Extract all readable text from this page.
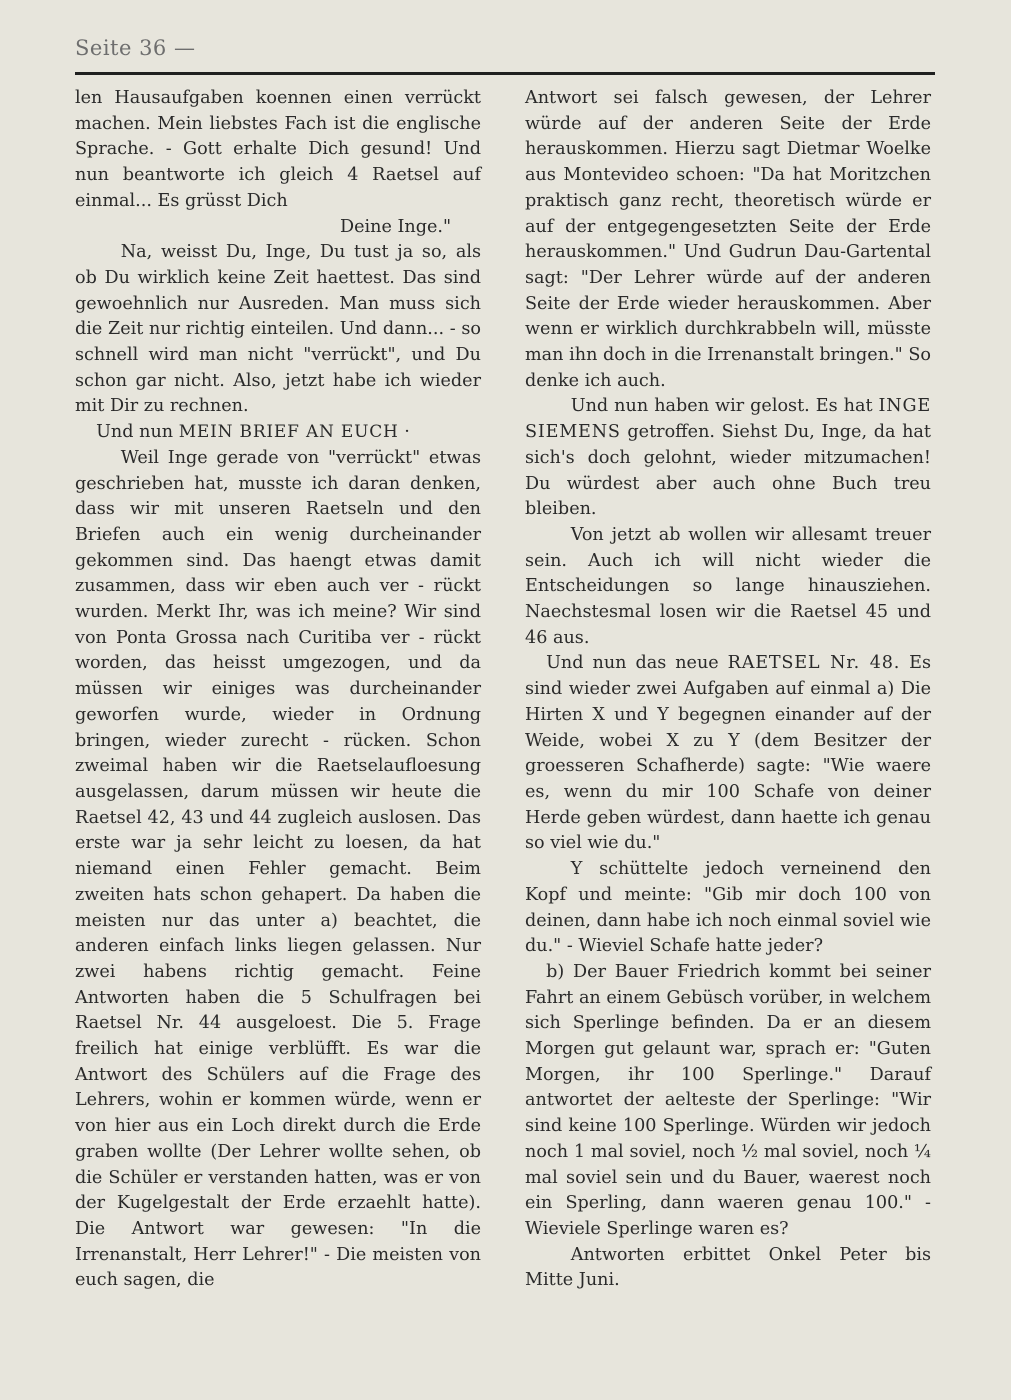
Seite 36 —

len Hausaufgaben koennen einen verrückt machen. Mein liebstes Fach ist die englische Sprache. - Gott erhalte Dich gesund! Und nun beantworte ich gleich 4 Raetsel auf einmal... Es grüsst Dich

Deine Inge."

Na, weisst Du, Inge, Du tust ja so, als ob Du wirklich keine Zeit haettest. Das sind gewoehnlich nur Ausreden. Man muss sich die Zeit nur richtig einteilen. Und dann... - so schnell wird man nicht "verrückt", und Du schon gar nicht. Also, jetzt habe ich wieder mit Dir zu rechnen.

Und nun MEIN BRIEF AN EUCH ·

Weil Inge gerade von "verrückt" etwas geschrieben hat, musste ich daran denken, dass wir mit unseren Raetseln und den Briefen auch ein wenig durcheinander gekommen sind. Das haengt etwas damit zusammen, dass wir eben auch ver - rückt wurden. Merkt Ihr, was ich meine? Wir sind von Ponta Grossa nach Curitiba ver - rückt worden, das heisst umgezogen, und da müssen wir einiges was durcheinander geworfen wurde, wieder in Ordnung bringen, wieder zurecht - rücken. Schon zweimal haben wir die Raetselaufloesung ausgelassen, darum müssen wir heute die Raetsel 42, 43 und 44 zugleich auslosen. Das erste war ja sehr leicht zu loesen, da hat niemand einen Fehler gemacht. Beim zweiten hats schon gehapert. Da haben die meisten nur das unter a) beachtet, die anderen einfach links liegen gelassen. Nur zwei habens richtig gemacht. Feine Antworten haben die 5 Schulfragen bei Raetsel Nr. 44 ausgeloest. Die 5. Frage freilich hat einige verblüfft. Es war die Antwort des Schülers auf die Frage des Lehrers, wohin er kommen würde, wenn er von hier aus ein Loch direkt durch die Erde graben wollte (Der Lehrer wollte sehen, ob die Schüler er verstanden hatten, was er von der Kugelgestalt der Erde erzaehlt hatte). Die Antwort war gewesen: "In die Irrenanstalt, Herr Lehrer!" - Die meisten von euch sagen, die

Antwort sei falsch gewesen, der Lehrer würde auf der anderen Seite der Erde herauskommen. Hierzu sagt Dietmar Woelke aus Montevideo schoen: "Da hat Moritzchen praktisch ganz recht, theoretisch würde er auf der entgegengesetzten Seite der Erde herauskommen." Und Gudrun Dau-Gartental sagt: "Der Lehrer würde auf der anderen Seite der Erde wieder herauskommen. Aber wenn er wirklich durchkrabbeln will, müsste man ihn doch in die Irrenanstalt bringen." So denke ich auch.

Und nun haben wir gelost. Es hat INGE SIEMENS getroffen. Siehst Du, Inge, da hat sich's doch gelohnt, wieder mitzumachen! Du würdest aber auch ohne Buch treu bleiben.

Von jetzt ab wollen wir allesamt treuer sein. Auch ich will nicht wieder die Entscheidungen so lange hinausziehen. Naechstesmal losen wir die Raetsel 45 und 46 aus.

Und nun das neue RAETSEL Nr. 48. Es sind wieder zwei Aufgaben auf einmal a) Die Hirten X und Y begegnen einander auf der Weide, wobei X zu Y (dem Besitzer der groesseren Schafherde) sagte: "Wie waere es, wenn du mir 100 Schafe von deiner Herde geben würdest, dann haette ich genau so viel wie du."

Y schüttelte jedoch verneinend den Kopf und meinte: "Gib mir doch 100 von deinen, dann habe ich noch einmal soviel wie du." - Wieviel Schafe hatte jeder?

b) Der Bauer Friedrich kommt bei seiner Fahrt an einem Gebüsch vorüber, in welchem sich Sperlinge befinden. Da er an diesem Morgen gut gelaunt war, sprach er: "Guten Morgen, ihr 100 Sperlinge." Darauf antwortet der aelteste der Sperlinge: "Wir sind keine 100 Sperlinge. Würden wir jedoch noch 1 mal soviel, noch ½ mal soviel, noch ¼ mal soviel sein und du Bauer, waerest noch ein Sperling, dann waeren genau 100." - Wieviele Sperlinge waren es?

Antworten erbittet Onkel Peter bis Mitte Juni.
